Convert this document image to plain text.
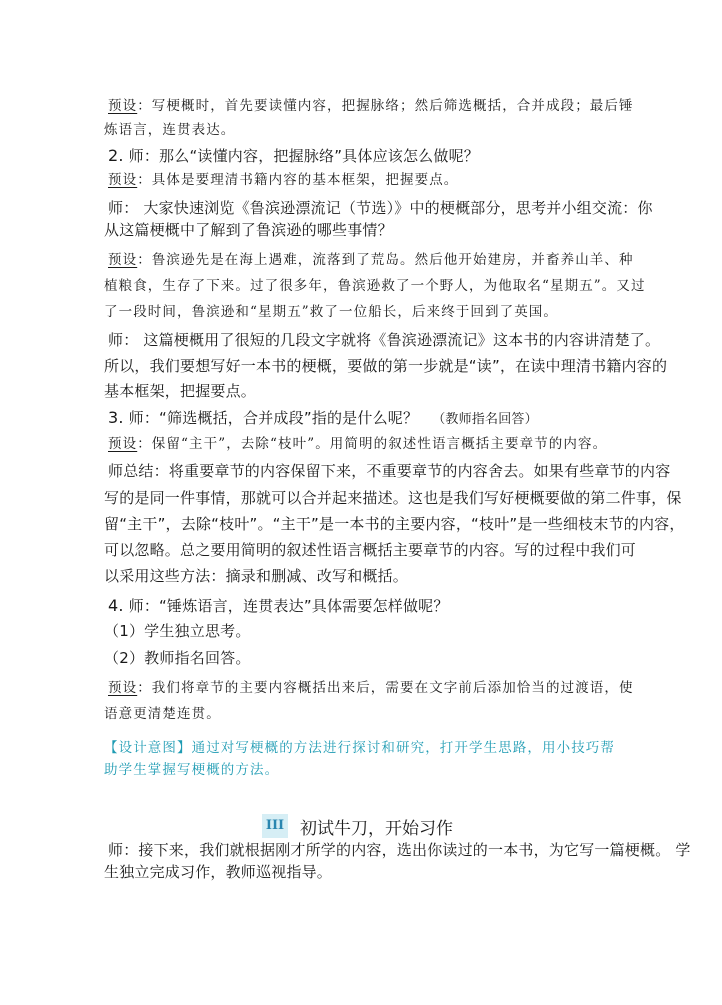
预设：写梗概时，首先要读懂内容，把握脉络；然后筛选概括，合并成段；最后锤
炼语言，连贯表达。
2. 师：那么“读懂内容，把握脉络”具体应该怎么做呢？
预设：具体是要理清书籍内容的基本框架，把握要点。
师： 大家快速浏览《鲁滨逊漂流记（节选）》中的梗概部分，思考并小组交流：你
从这篇梗概中了解到了鲁滨逊的哪些事情？
预设：鲁滨逊先是在海上遇难，流落到了荒岛。然后他开始建房，并畜养山羊、种
植粮食，生存了下来。过了很多年，鲁滨逊救了一个野人，为他取名“星期五”。又过
了一段时间，鲁滨逊和“星期五”救了一位船长，后来终于回到了英国。
师： 这篇梗概用了很短的几段文字就将《鲁滨逊漂流记》这本书的内容讲清楚了。
所以，我们要想写好一本书的梗概，要做的第一步就是“读”，在读中理清书籍内容的
基本框架，把握要点。
3. 师：“筛选概括，合并成段”指的是什么呢？ （教师指名回答）
预设：保留“主干”，去除“枝叶”。用简明的叙述性语言概括主要章节的内容。
师总结：将重要章节的内容保留下来，不重要章节的内容舍去。如果有些章节的内容
写的是同一件事情，那就可以合并起来描述。这也是我们写好梗概要做的第二件事，保
留“主干”，去除“枝叶”。“主干”是一本书的主要内容，“枝叶”是一些细枝末节的内容，
可以忽略。总之要用简明的叙述性语言概括主要章节的内容。写的过程中我们可
以采用这些方法：摘录和删减、改写和概括。
4. 师：“锤炼语言，连贯表达”具体需要怎样做呢？
（1）学生独立思考。
（2）教师指名回答。
预设：我们将章节的主要内容概括出来后，需要在文字前后添加恰当的过渡语，使
语意更清楚连贯。
【设计意图】通过对写梗概的方法进行探讨和研究，打开学生思路，用小技巧帮
助学生掌握写梗概的方法。
III 初试牛刀，开始习作
师：接下来，我们就根据刚才所学的内容，选出你读过的一本书，为它写一篇梗概。 学
生独立完成习作，教师巡视指导。
